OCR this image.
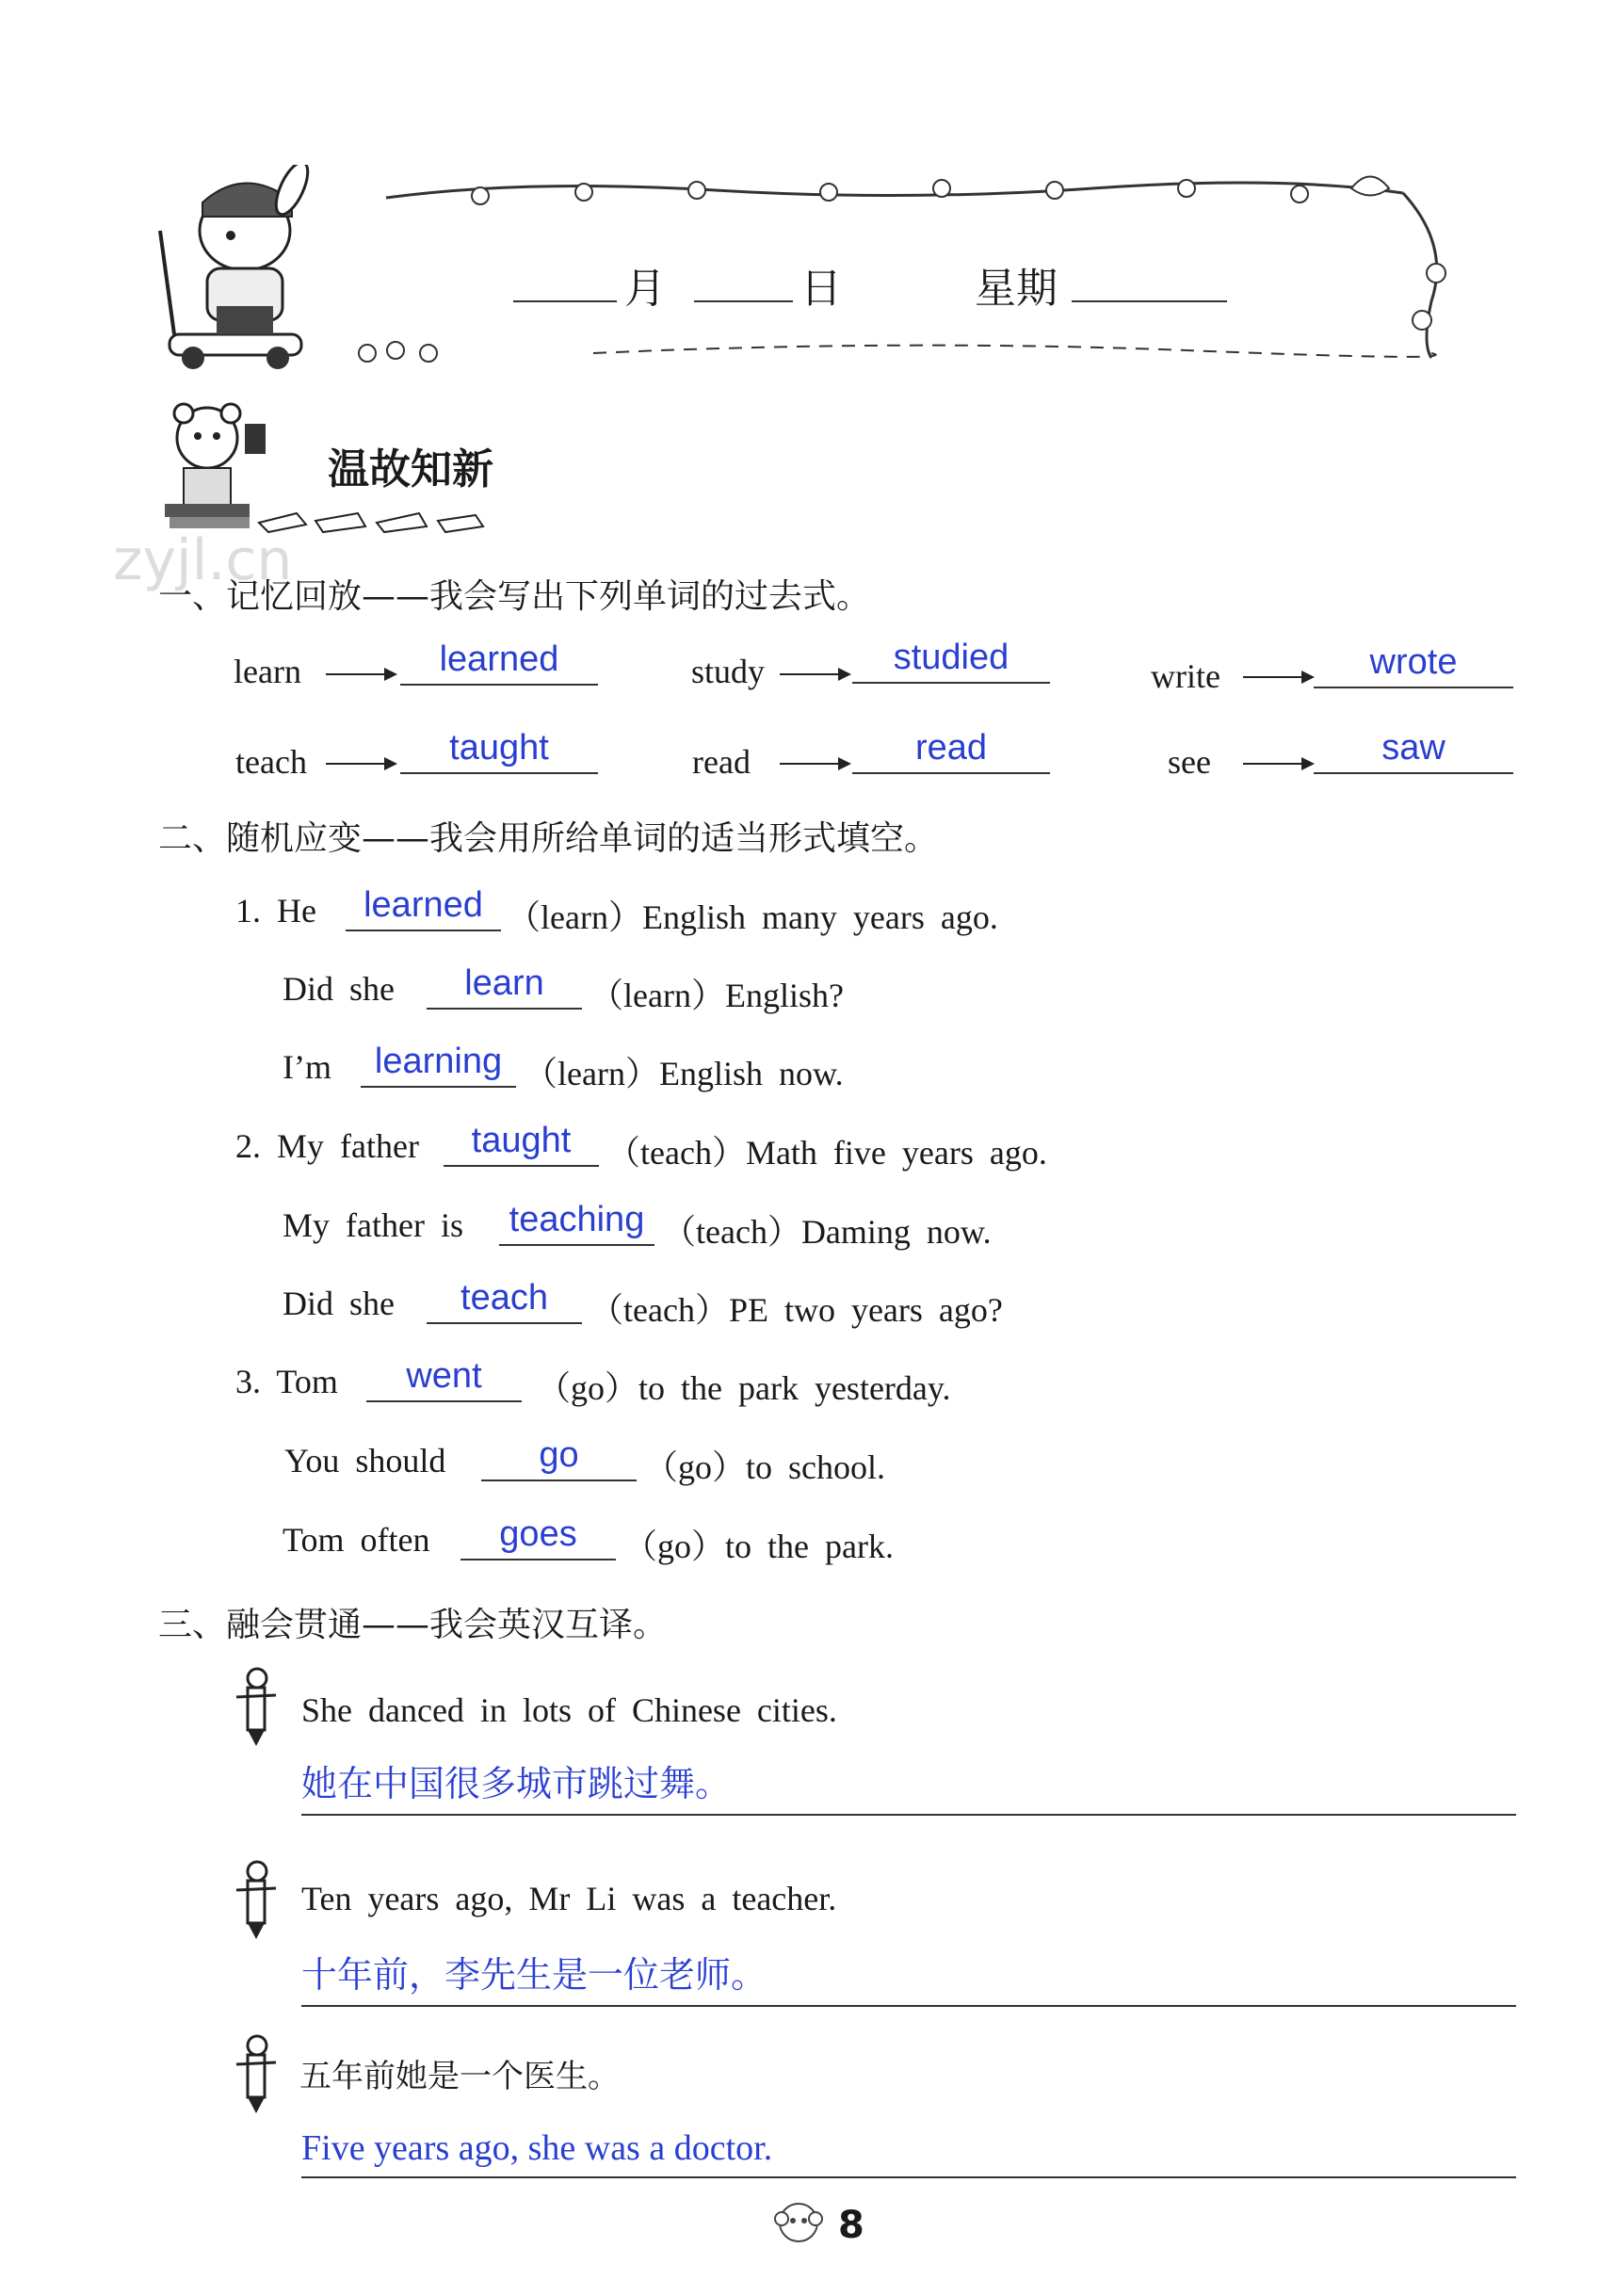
月	日	星期
温故知新
zyjl.cn
一、记忆回放——我会写出下列单词的过去式。
learn	learned	study	studied	write	wrote
teach	taught	read	read	see	saw
二、随机应变——我会用所给单词的适当形式填空。
1. He	learned （learn）English many years ago.
Did she	learn	（learn）English?
I’m	learning （learn）English now.
2. My father	taught	（teach）Math five years ago.
My father is teaching （teach）Daming now.
Did she	teach	（teach）PE two years ago?
3. Tom	went	（go）to the park yesterday.
You should	go	（go）to school.
Tom often	goes	（go）to the park.
三、融会贯通——我会英汉互译。
She danced in lots of Chinese cities.
她在中国很多城市跳过舞。
Ten years ago, Mr Li was a teacher.
十年前，李先生是一位老师。
五年前她是一个医生。
Five years ago, she was a doctor.
8
